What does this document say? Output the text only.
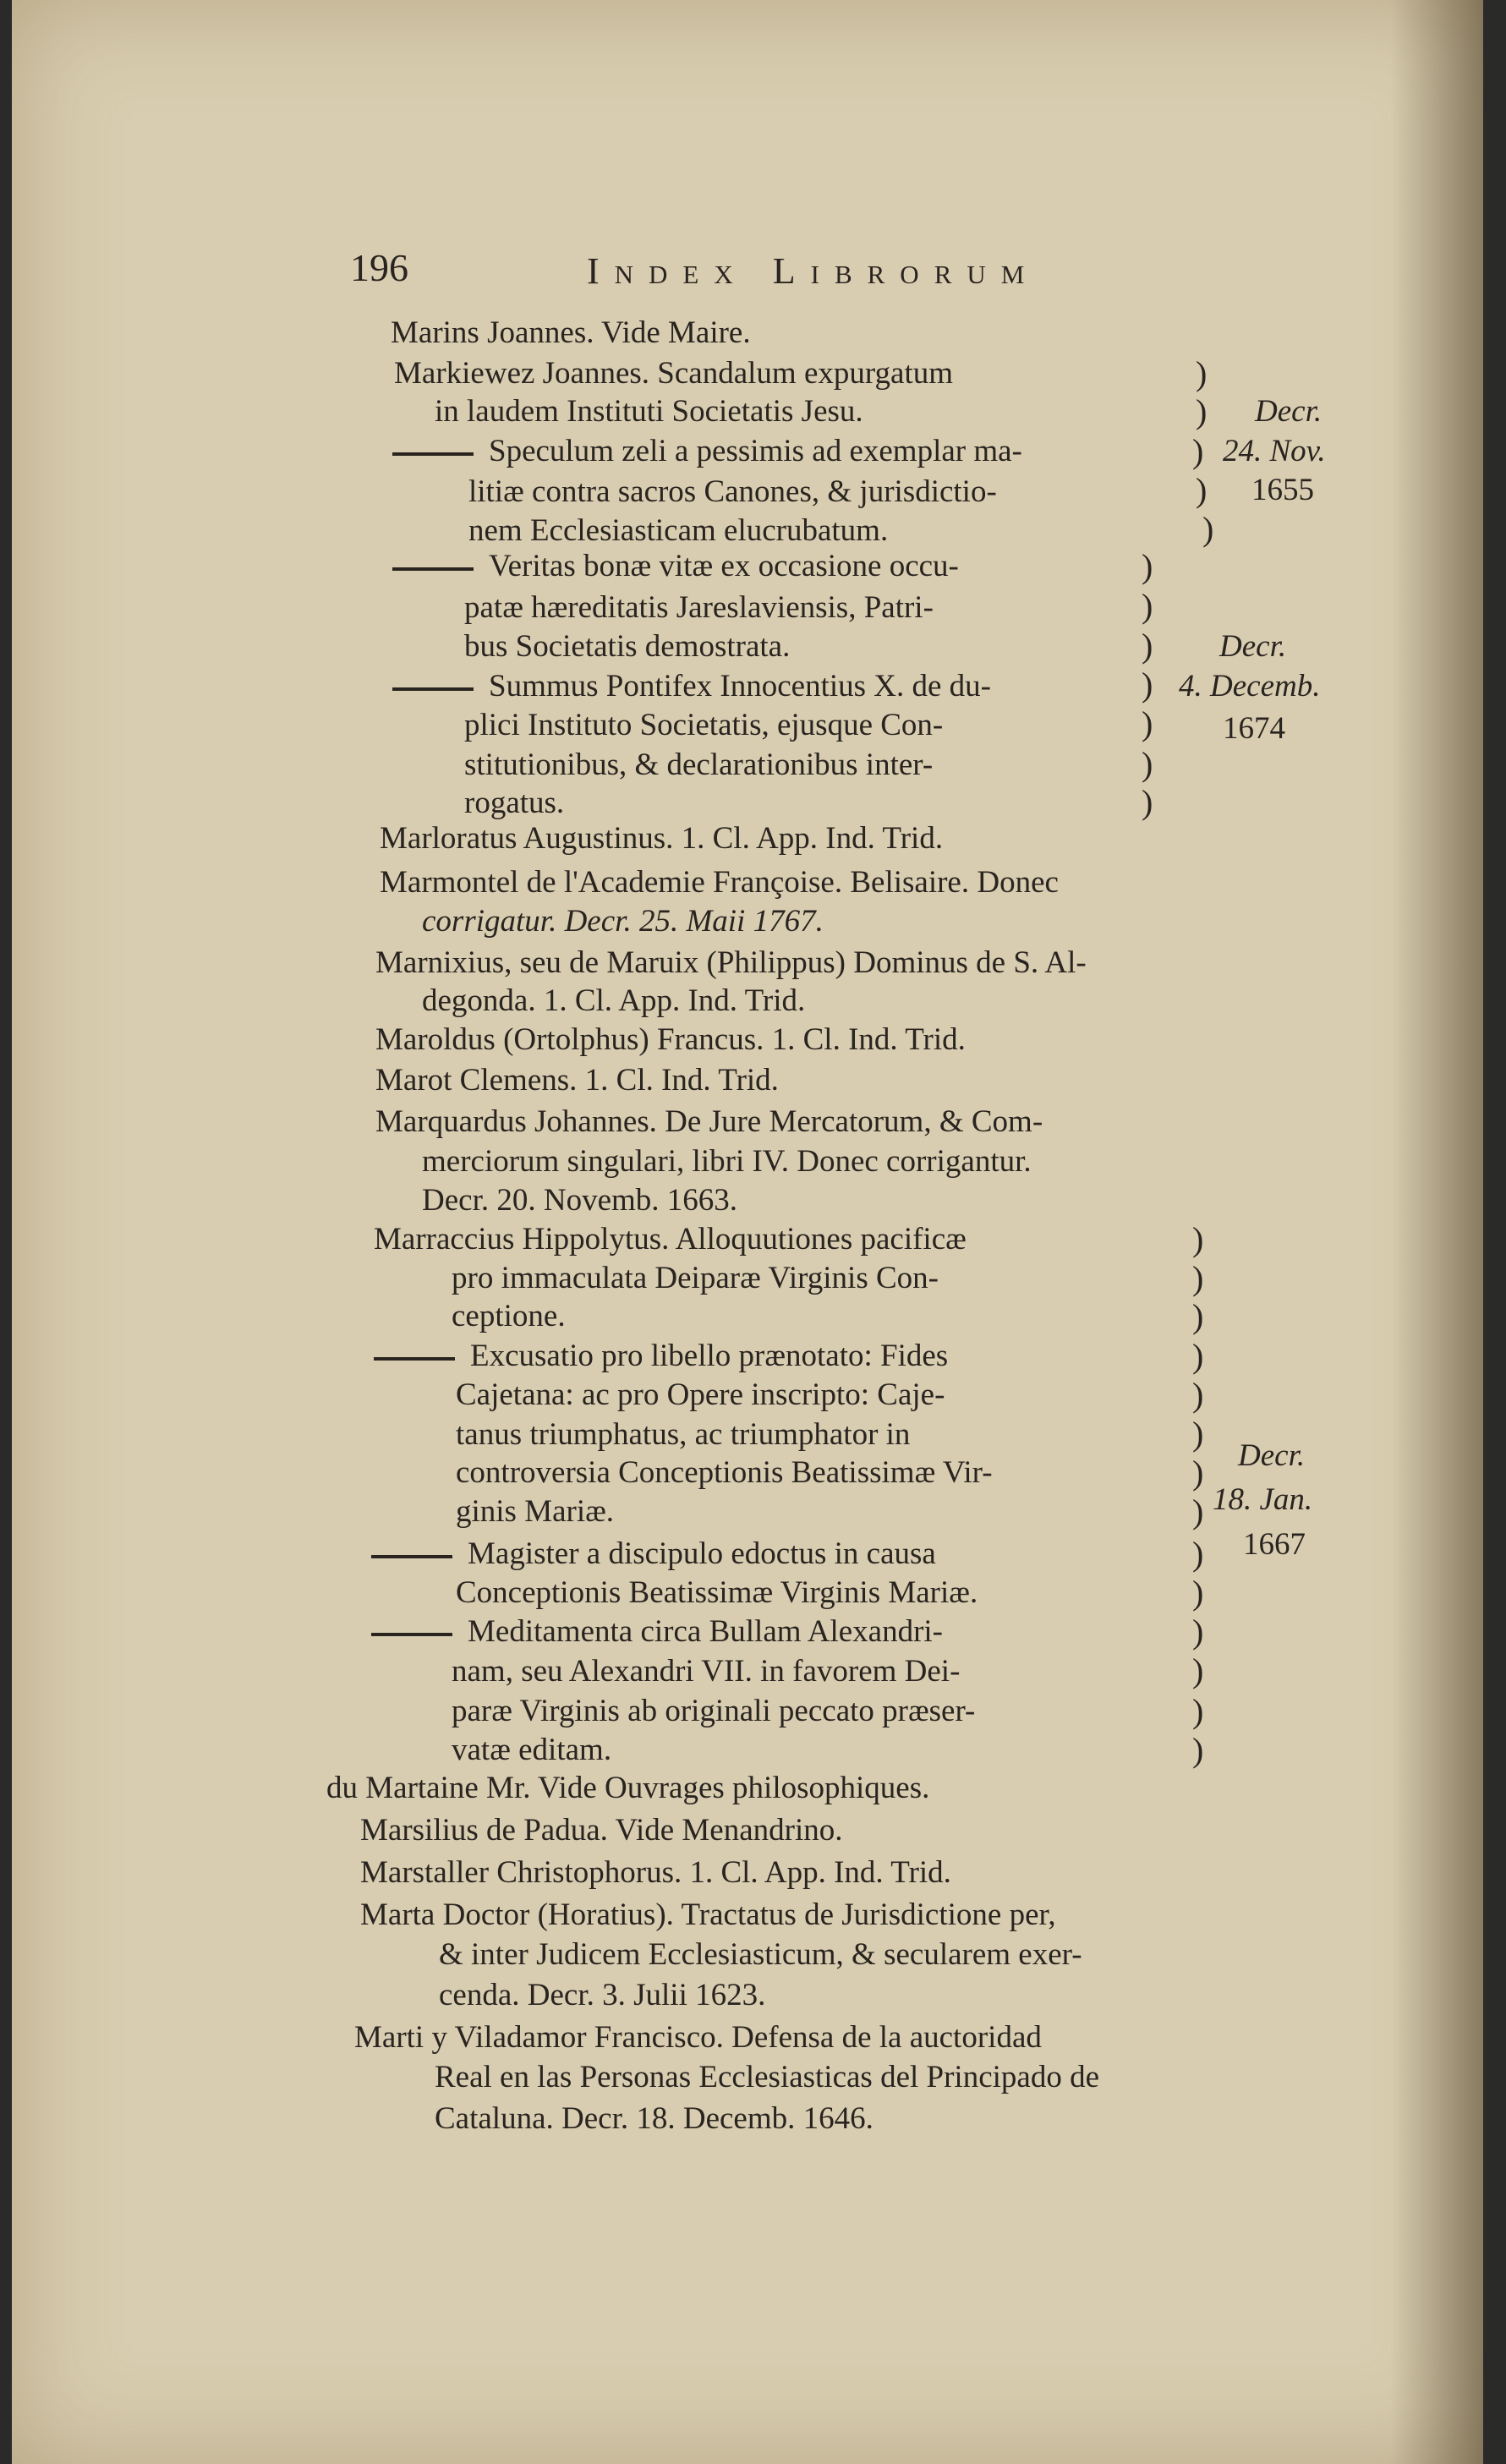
196	Index Librorum
Marins Joannes. Vide Maire.
Markiewez Joannes. Scandalum expurgatum
in laudem Instituti Societatis Jesu.
Speculum zeli a pessimis ad exemplar ma-
litiæ contra sacros Canones, & jurisdictio-
nem Ecclesiasticam elucrubatum.
Veritas bonæ vitæ ex occasione occu-
patæ hæreditatis Jareslaviensis, Patri-
bus Societatis demostrata.
Summus Pontifex Innocentius X. de du-
plici Instituto Societatis, ejusque Con-
stitutionibus, & declarationibus inter-
rogatus.
Marloratus Augustinus. 1. Cl. App. Ind. Trid.
Marmontel de l'Academie Françoise. Belisaire. Donec
corrigatur. Decr. 25. Maii 1767.
Marnixius, seu de Maruix (Philippus) Dominus de S. Al-
degonda. 1. Cl. App. Ind. Trid.
Maroldus (Ortolphus) Francus. 1. Cl. Ind. Trid.
Marot Clemens. 1. Cl. Ind. Trid.
Marquardus Johannes. De Jure Mercatorum, & Com-
merciorum singulari, libri IV. Donec corrigantur.
Decr. 20. Novemb. 1663.
Marraccius Hippolytus. Alloquutiones pacificæ
pro immaculata Deiparæ Virginis Con-
ceptione.
Excusatio pro libello prænotato: Fides
Cajetana: ac pro Opere inscripto: Caje-
tanus triumphatus, ac triumphator in
controversia Conceptionis Beatissimæ Vir-
ginis Mariæ.
Magister a discipulo edoctus in causa
Conceptionis Beatissimæ Virginis Mariæ.
Meditamenta circa Bullam Alexandri-
nam, seu Alexandri VII. in favorem Dei-
paræ Virginis ab originali peccato præser-
vatæ editam.
du Martaine Mr. Vide Ouvrages philosophiques.
Marsilius de Padua. Vide Menandrino.
Marstaller Christophorus. 1. Cl. App. Ind. Trid.
Marta Doctor (Horatius). Tractatus de Jurisdictione per,
& inter Judicem Ecclesiasticum, & secularem exer-
cenda. Decr. 3. Julii 1623.
Marti y Viladamor Francisco. Defensa de la auctoridad
Real en las Personas Ecclesiasticas del Principado de
Cataluna. Decr. 18. Decemb. 1646.
)
)
)
)
)
)
)
)
)
)
)
)
)
)
)
)
)
)
)
)
)
)
)
)
)
)
Decr.
24. Nov.
1655
Decr.
4. Decemb.
1674
Decr.
18. Jan.
1667
